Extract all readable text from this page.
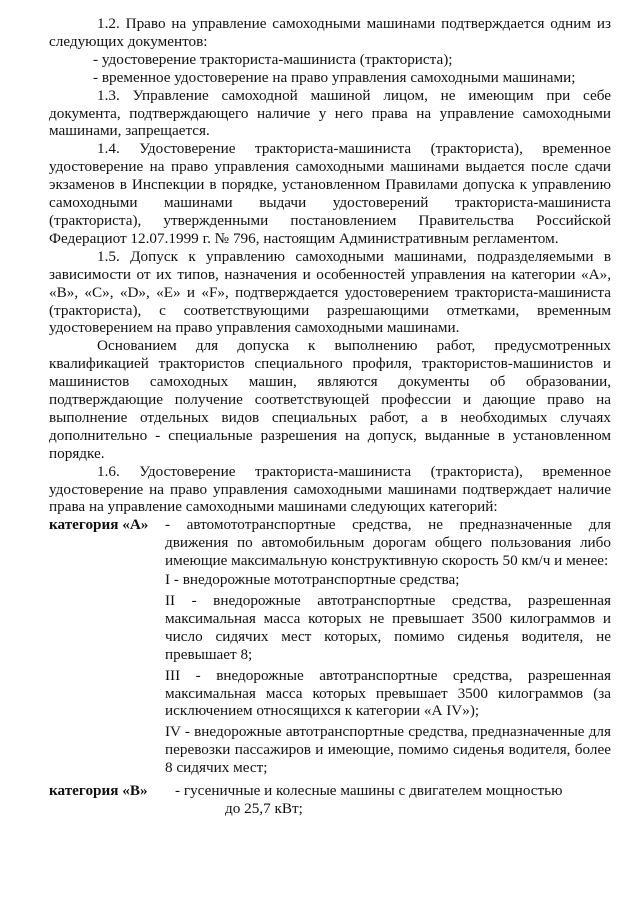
1.2. Право на управление самоходными машинами подтверждается одним из следующих документов:

- удостоверение тракториста-машиниста (тракториста);

- временное удостоверение на право управления самоходными машинами;

1.3. Управление самоходной машиной лицом, не имеющим при себе документа, подтверждающего наличие у него права на управление самоходными машинами, запрещается.

1.4. Удостоверение тракториста-машиниста (тракториста), временное удостоверение на право управления самоходными машинами выдается после сдачи экзаменов в Инспекции в порядке, установленном Правилами допуска к управлению самоходными машинами выдачи удостоверений тракториста-машиниста (тракториста), утвержденными постановлением Правительства Российской Федерациот 12.07.1999 г. № 796, настоящим Административным регламентом.

1.5. Допуск к управлению самоходными машинами, подразделяемыми в зависимости от их типов, назначения и особенностей управления на категории «А», «В», «С», «D», «Е» и «F», подтверждается удостоверением тракториста-машиниста (тракториста), с соответствующими разрешающими отметками, временным удостоверением на право управления самоходными машинами.

Основанием для допуска к выполнению работ, предусмотренных квалификацией трактористов специального профиля, трактористов-машинистов и машинистов самоходных машин, являются документы об образовании, подтверждающие получение соответствующей профессии и дающие право на выполнение отдельных видов специальных работ, а в необходимых случаях дополнительно - специальные разрешения на допуск, выданные в установленном порядке.

1.6. Удостоверение тракториста-машиниста (тракториста), временное удостоверение на право управления самоходными машинами подтверждает наличие права на управление самоходными машинами следующих категорий:

категория «А»	- автомототранспортные средства, не предназначенные для движения по автомобильным дорогам общего пользования либо имеющие максимальную конструктивную скорость 50 км/ч и менее:

I - внедорожные мототранспортные средства;

II - внедорожные автотранспортные средства, разрешенная максимальная масса которых не превышает 3500 килограммов и число сидячих мест которых, помимо сиденья водителя, не превышает 8;

III - внедорожные автотранспортные средства, разрешенная максимальная масса которых превышает 3500 килограммов (за исключением относящихся к категории «А IV»);

IV - внедорожные автотранспортные средства, предназначенные для перевозки пассажиров и имеющие, помимо сиденья водителя, более 8 сидячих мест;

категория «В»	- гусеничные и колесные машины с двигателем мощностью
до 25,7 кВт;
